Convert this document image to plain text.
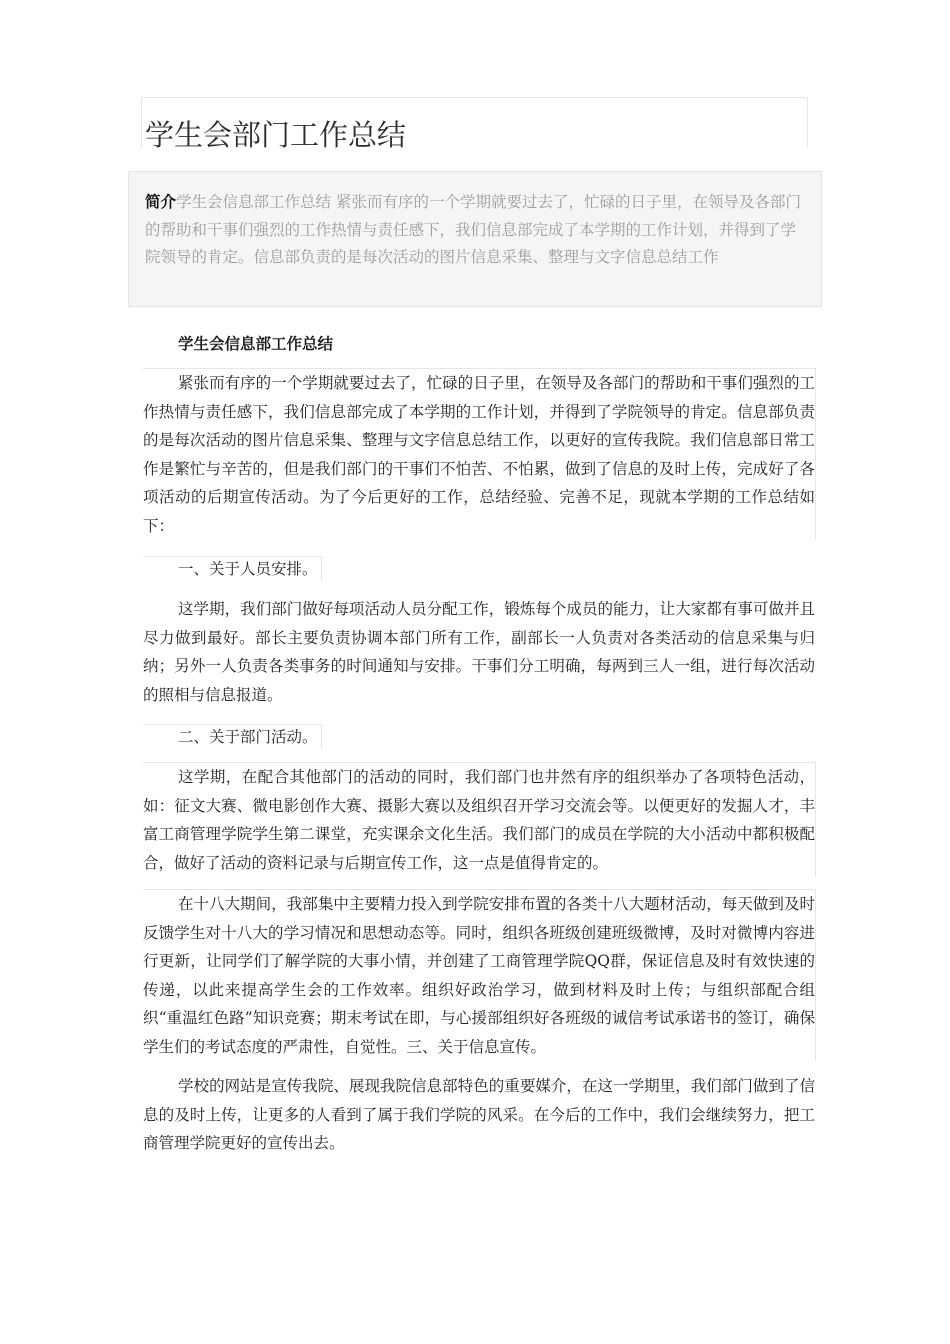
学生会部门工作总结
简介学生会信息部工作总结 紧张而有序的一个学期就要过去了，忙碌的日子里，在领导及各部门的帮助和干事们强烈的工作热情与责任感下，我们信息部完成了本学期的工作计划，并得到了学院领导的肯定。信息部负责的是每次活动的图片信息采集、整理与文字信息总结工作
学生会信息部工作总结

紧张而有序的一个学期就要过去了，忙碌的日子里，在领导及各部门的帮助和干事们强烈的工作热情与责任感下，我们信息部完成了本学期的工作计划，并得到了学院领导的肯定。信息部负责的是每次活动的图片信息采集、整理与文字信息总结工作，以更好的宣传我院。我们信息部日常工作是繁忙与辛苦的，但是我们部门的干事们不怕苦、不怕累，做到了信息的及时上传，完成好了各项活动的后期宣传活动。为了今后更好的工作，总结经验、完善不足，现就本学期的工作总结如下：

一、关于人员安排。

这学期，我们部门做好每项活动人员分配工作，锻炼每个成员的能力，让大家都有事可做并且尽力做到最好。部长主要负责协调本部门所有工作，副部长一人负责对各类活动的信息采集与归纳；另外一人负责各类事务的时间通知与安排。干事们分工明确，每两到三人一组，进行每次活动的照相与信息报道。

二、关于部门活动。

这学期，在配合其他部门的活动的同时，我们部门也井然有序的组织举办了各项特色活动，如：征文大赛、微电影创作大赛、摄影大赛以及组织召开学习交流会等。以便更好的发掘人才，丰富工商管理学院学生第二课堂，充实课余文化生活。我们部门的成员在学院的大小活动中都积极配合，做好了活动的资料记录与后期宣传工作，这一点是值得肯定的。

在十八大期间，我部集中主要精力投入到学院安排布置的各类十八大题材活动，每天做到及时反馈学生对十八大的学习情况和思想动态等。同时，组织各班级创建班级微博，及时对微博内容进行更新，让同学们了解学院的大事小情，并创建了工商管理学院QQ群，保证信息及时有效快速的传递，以此来提高学生会的工作效率。组织好政治学习，做到材料及时上传；与组织部配合组织“重温红色路”知识竞赛；期末考试在即，与心援部组织好各班级的诚信考试承诺书的签订，确保学生们的考试态度的严肃性，自觉性。三、关于信息宣传。

学校的网站是宣传我院、展现我院信息部特色的重要媒介，在这一学期里，我们部门做到了信息的及时上传，让更多的人看到了属于我们学院的风采。在今后的工作中，我们会继续努力，把工商管理学院更好的宣传出去。
